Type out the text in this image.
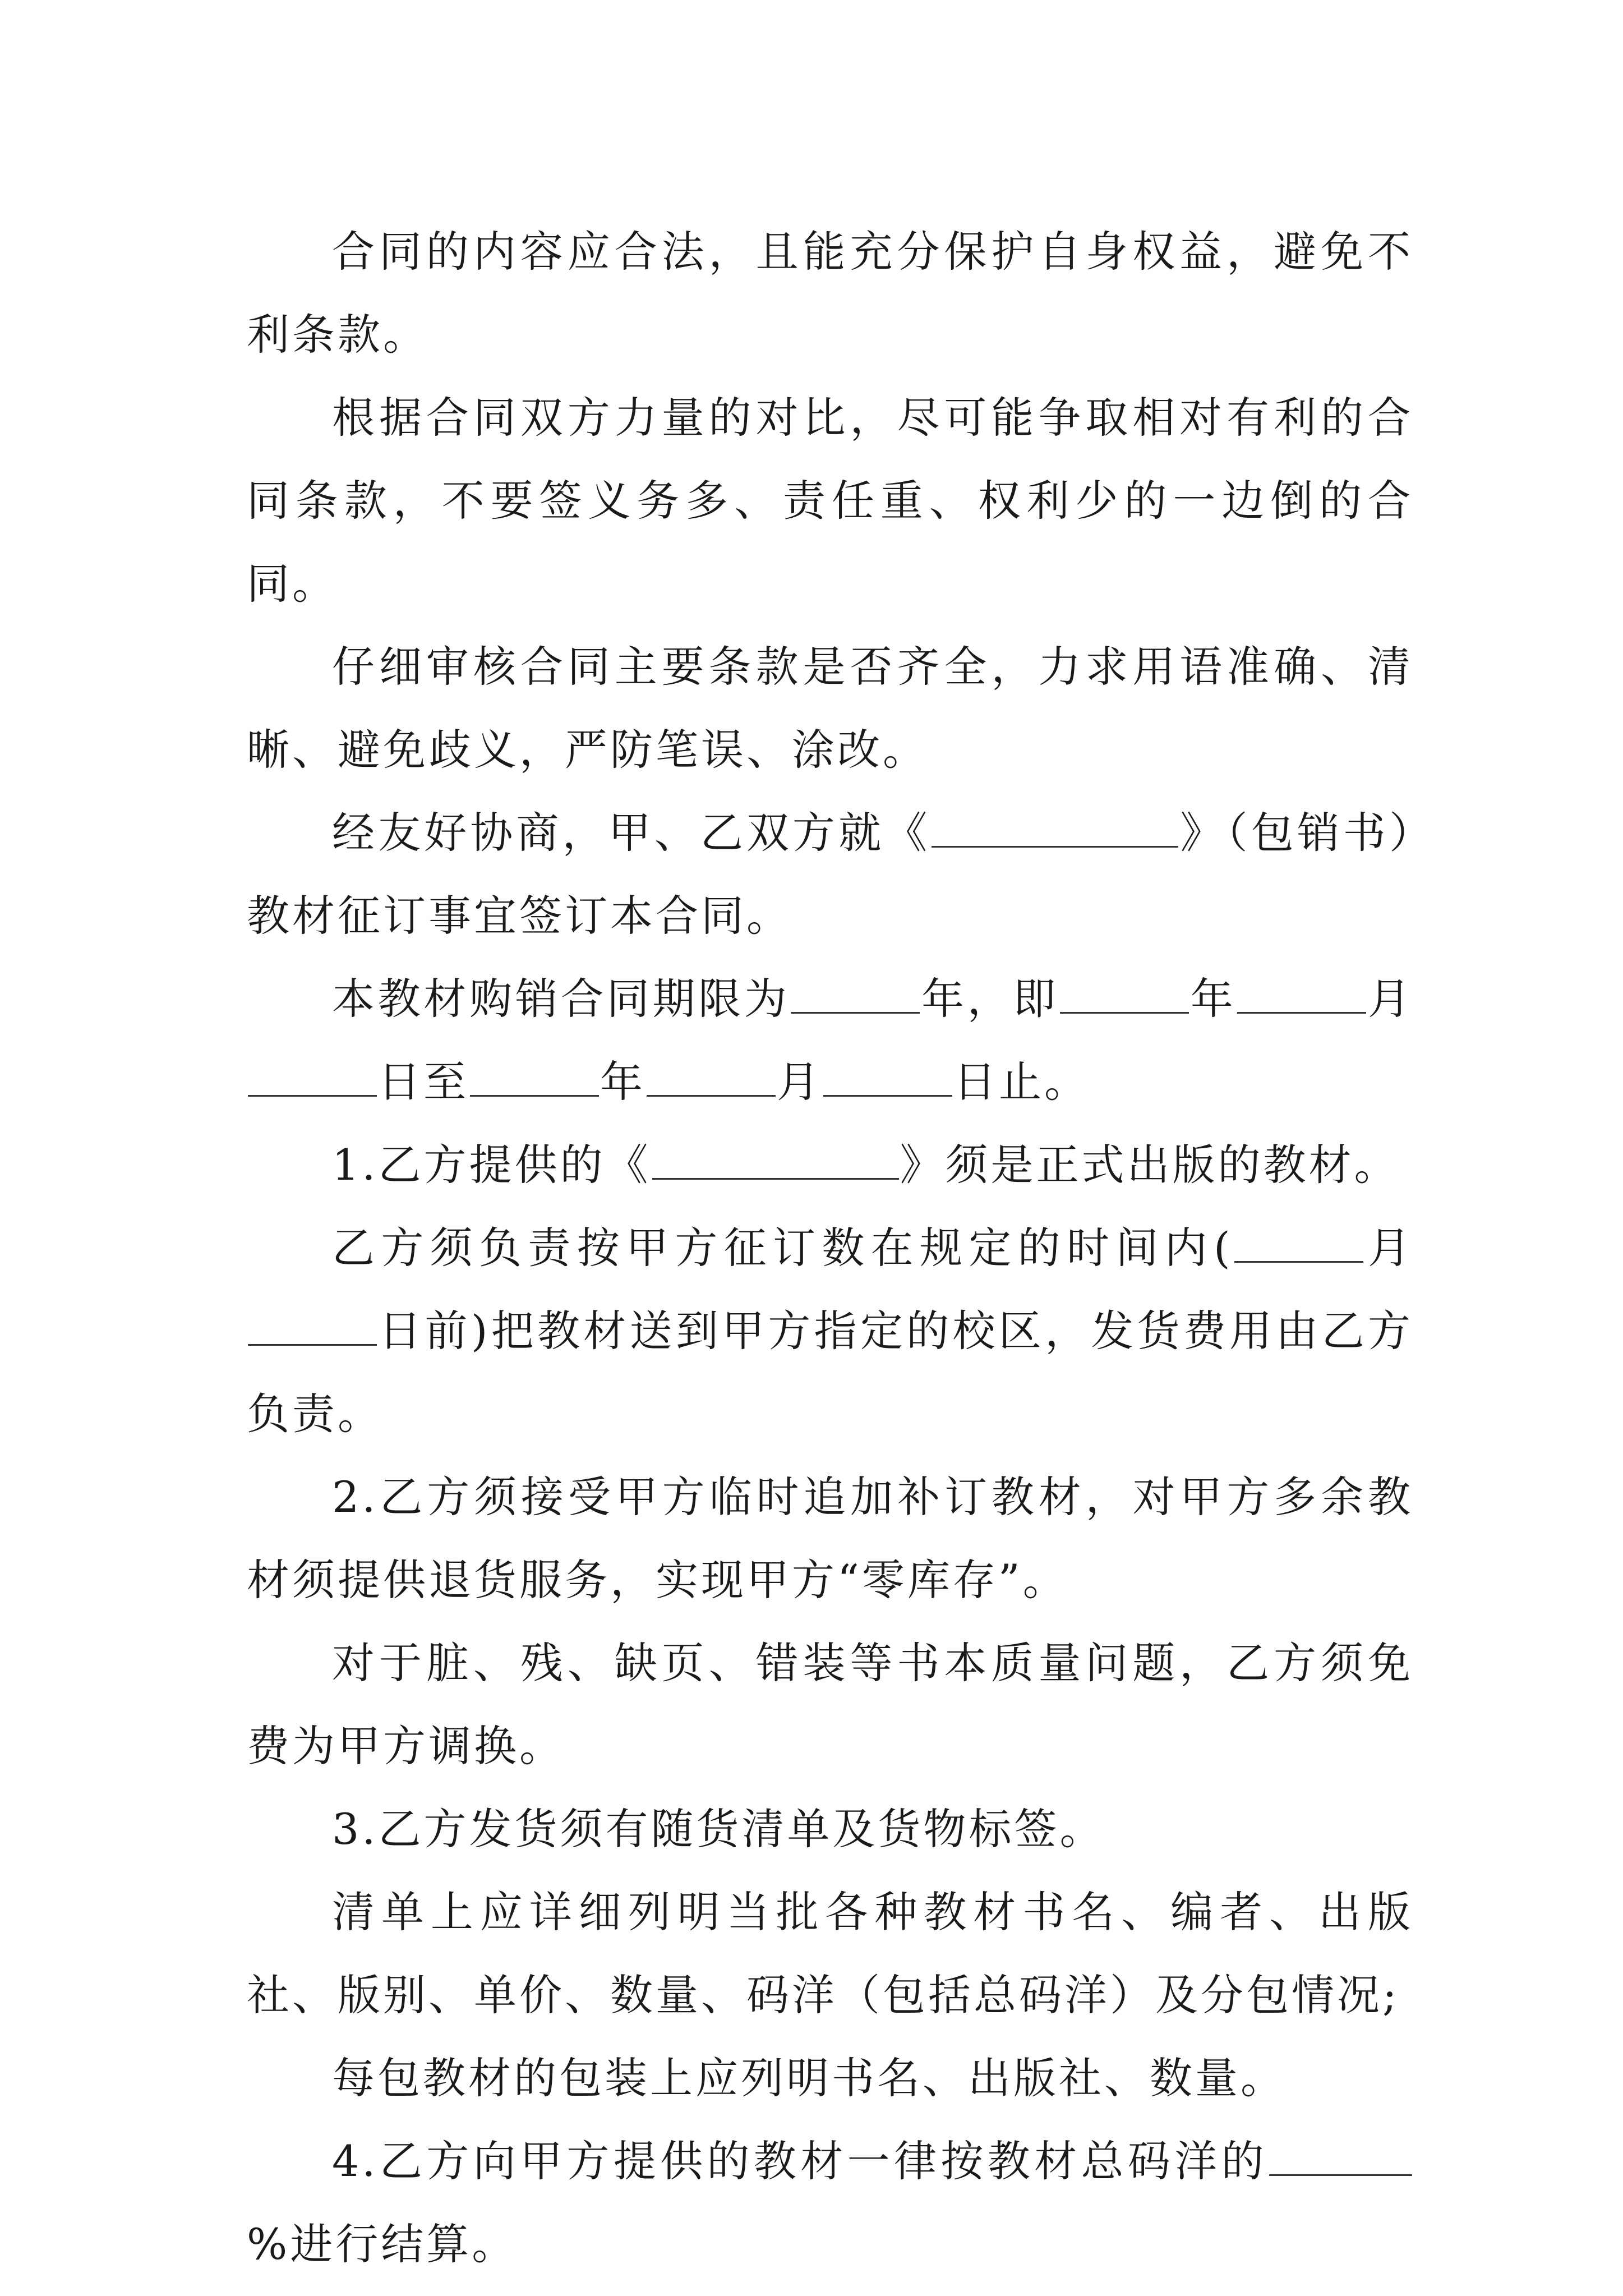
合同的内容应合法，且能充分保护自身权益，避免不利条款。

根据合同双方力量的对比，尽可能争取相对有利的合同条款，不要签义务多、责任重、权利少的一边倒的合同。

仔细审核合同主要条款是否齐全，力求用语准确、清晰、避免歧义，严防笔误、涂改。

经友好协商，甲、乙双方就《	》（包销书）教材征订事宜签订本合同。

本教材购销合同期限为	年，即	年	月日至	年	月	日止。

1.乙方提供的《	》须是正式出版的教材。

乙方须负责按甲方征订数在规定的时间内(	月日前)把教材送到甲方指定的校区，发货费用由乙方负责。

2.乙方须接受甲方临时追加补订教材，对甲方多余教材须提供退货服务，实现甲方“零库存”。

对于脏、残、缺页、错装等书本质量问题，乙方须免费为甲方调换。

3.乙方发货须有随货清单及货物标签。

清单上应详细列明当批各种教材书名、编者、出版社、版别、单价、数量、码洋（包括总码洋）及分包情况;

每包教材的包装上应列明书名、出版社、数量。

4.乙方向甲方提供的教材一律按教材总码洋的%进行结算。
